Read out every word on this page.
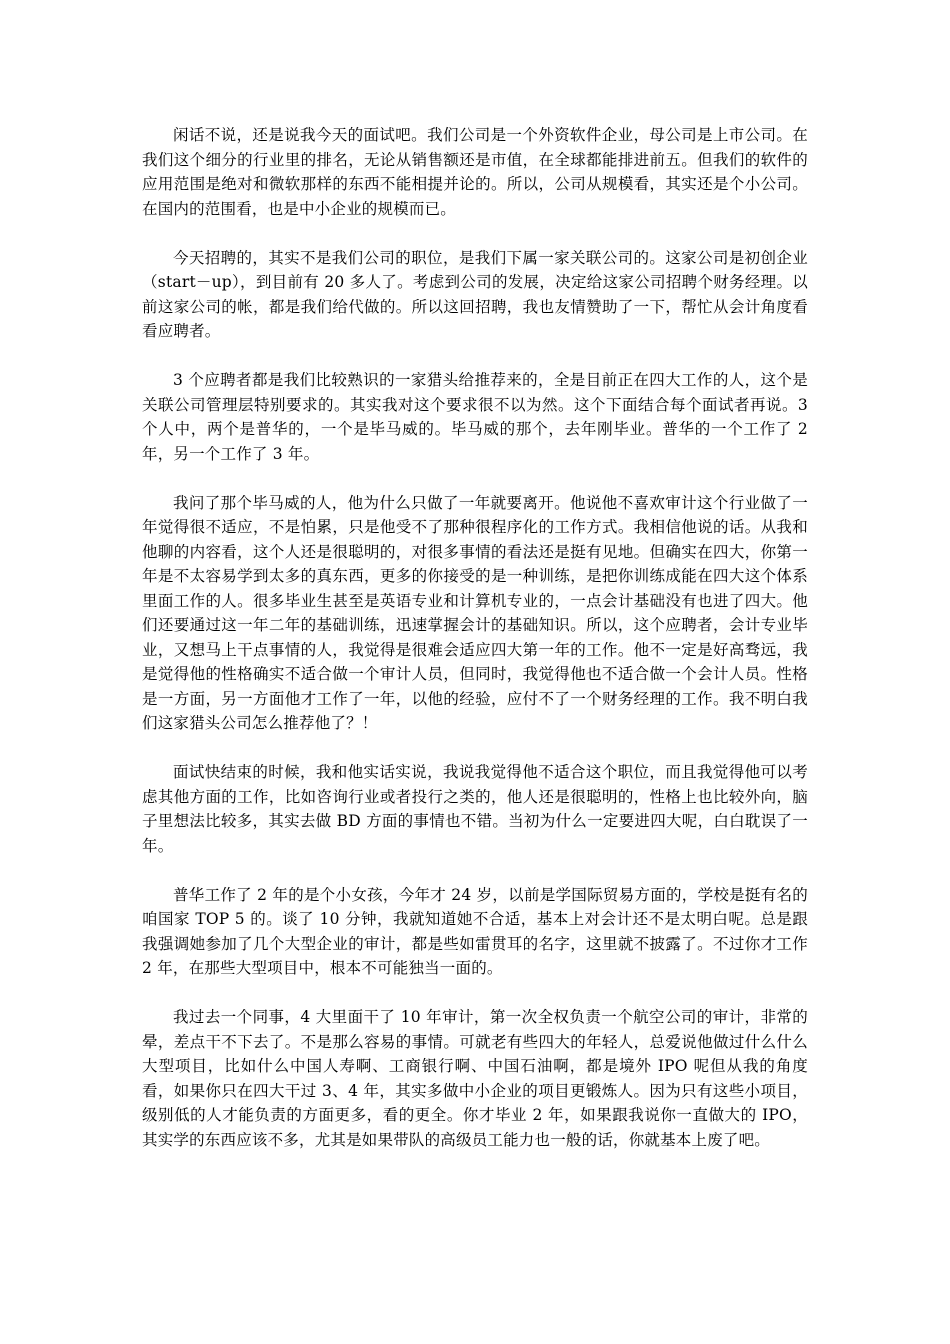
闲话不说，还是说我今天的面试吧。我们公司是一个外资软件企业，母公司是上市公司。在我们这个细分的行业里的排名，无论从销售额还是市值，在全球都能排进前五。但我们的软件的应用范围是绝对和微软那样的东西不能相提并论的。所以，公司从规模看，其实还是个小公司。在国内的范围看，也是中小企业的规模而已。

今天招聘的，其实不是我们公司的职位，是我们下属一家关联公司的。这家公司是初创企业（start－up），到目前有 20 多人了。考虑到公司的发展，决定给这家公司招聘个财务经理。以前这家公司的帐，都是我们给代做的。所以这回招聘，我也友情赞助了一下，帮忙从会计角度看看应聘者。

3 个应聘者都是我们比较熟识的一家猎头给推荐来的，全是目前正在四大工作的人，这个是关联公司管理层特别要求的。其实我对这个要求很不以为然。这个下面结合每个面试者再说。3 个人中，两个是普华的，一个是毕马威的。毕马威的那个，去年刚毕业。普华的一个工作了 2 年，另一个工作了 3 年。

我问了那个毕马威的人，他为什么只做了一年就要离开。他说他不喜欢审计这个行业做了一年觉得很不适应，不是怕累，只是他受不了那种很程序化的工作方式。我相信他说的话。从我和他聊的内容看，这个人还是很聪明的，对很多事情的看法还是挺有见地。但确实在四大，你第一年是不太容易学到太多的真东西，更多的你接受的是一种训练，是把你训练成能在四大这个体系里面工作的人。很多毕业生甚至是英语专业和计算机专业的，一点会计基础没有也进了四大。他们还要通过这一年二年的基础训练，迅速掌握会计的基础知识。所以，这个应聘者，会计专业毕业，又想马上干点事情的人，我觉得是很难会适应四大第一年的工作。他不一定是好高骛远，我是觉得他的性格确实不适合做一个审计人员，但同时，我觉得他也不适合做一个会计人员。性格是一方面，另一方面他才工作了一年，以他的经验，应付不了一个财务经理的工作。我不明白我们这家猎头公司怎么推荐他了？！

面试快结束的时候，我和他实话实说，我说我觉得他不适合这个职位，而且我觉得他可以考虑其他方面的工作，比如咨询行业或者投行之类的，他人还是很聪明的，性格上也比较外向，脑子里想法比较多，其实去做 BD 方面的事情也不错。当初为什么一定要进四大呢，白白耽误了一年。

普华工作了 2 年的是个小女孩，今年才 24 岁，以前是学国际贸易方面的，学校是挺有名的咱国家 TOP 5 的。谈了 10 分钟，我就知道她不合适，基本上对会计还不是太明白呢。总是跟我强调她参加了几个大型企业的审计，都是些如雷贯耳的名字，这里就不披露了。不过你才工作 2 年，在那些大型项目中，根本不可能独当一面的。

我过去一个同事，4 大里面干了 10 年审计，第一次全权负责一个航空公司的审计，非常的晕，差点干不下去了。不是那么容易的事情。可就老有些四大的年轻人，总爱说他做过什么什么大型项目，比如什么中国人寿啊、工商银行啊、中国石油啊，都是境外 IPO 呢但从我的角度看，如果你只在四大干过 3、4 年，其实多做中小企业的项目更锻炼人。因为只有这些小项目，级别低的人才能负责的方面更多，看的更全。你才毕业 2 年，如果跟我说你一直做大的 IPO，其实学的东西应该不多，尤其是如果带队的高级员工能力也一般的话，你就基本上废了吧。
